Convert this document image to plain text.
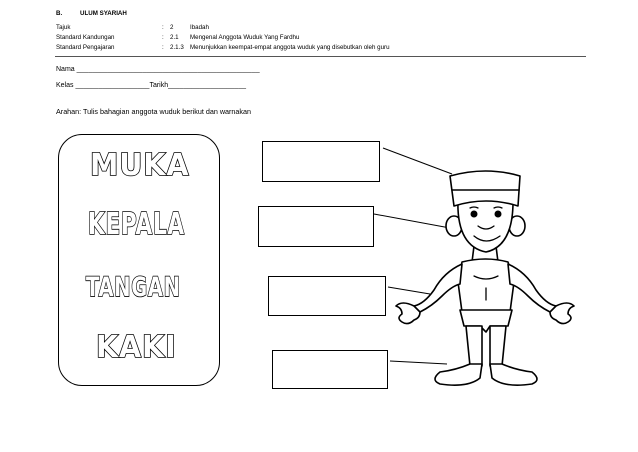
B.	ULUM SYARIAH
Tajuk	: 2	Ibadah
Standard Kandungan	: 2.1 Mengenal Anggota Wuduk Yang Fardhu
Standard Pengajaran	: 2.1.3 Menunjukkan keempat-empat anggota wuduk yang disebutkan oleh guru
Nama _______________________________________________
Kelas ___________________Tarikh____________________
Arahan: Tulis bahagian anggota wuduk berikut dan warnakan
MUKA
KEPALA
TANGAN
KAKI
